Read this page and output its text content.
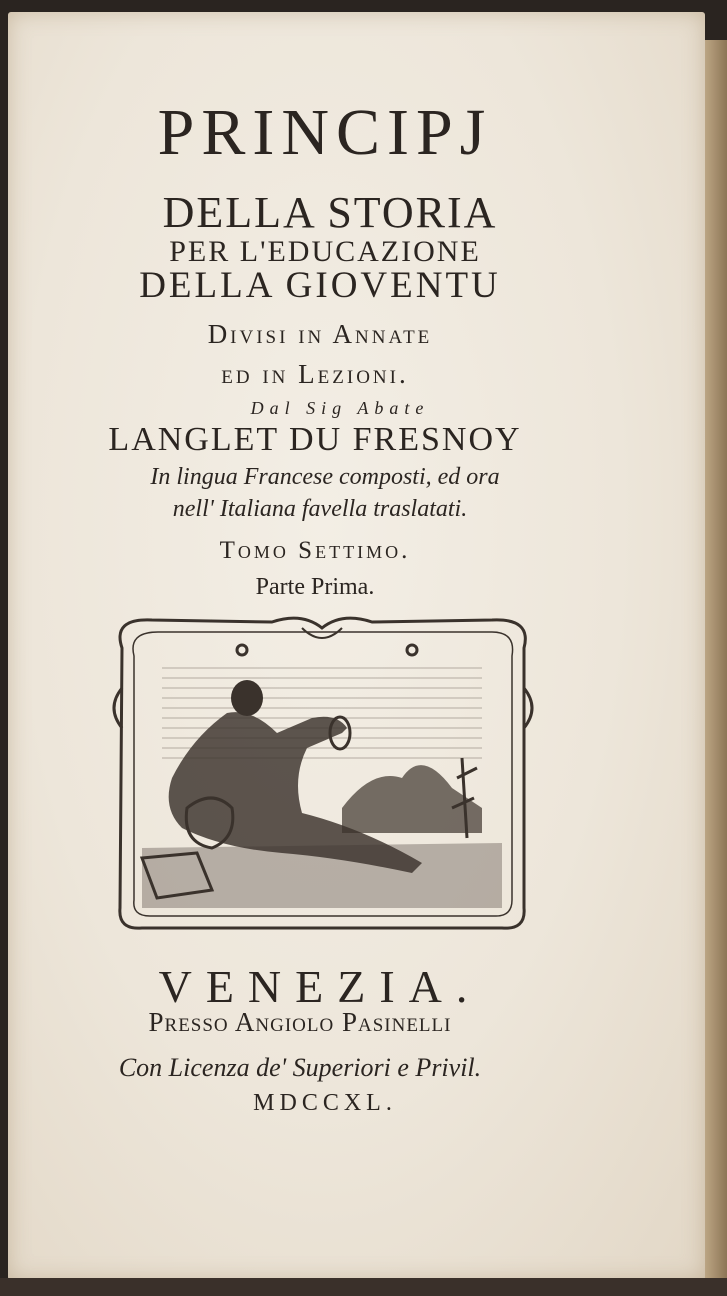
PRINCIPJ
DELLA STORIA
PER L'EDUCAZIONE
DELLA GIOVENTU
Divisi in Annate
ed in Lezioni.
Dal Sig Abate
LANGLET DU FRESNOY
In lingua Francese composti, ed ora
nell' Italiana favella traslatati.
Tomo Settimo.
Parte Prima.
VENEZIA.
Presso Angiolo Pasinelli
Con Licenza de' Superiori e Privil.
MDCCXL.
